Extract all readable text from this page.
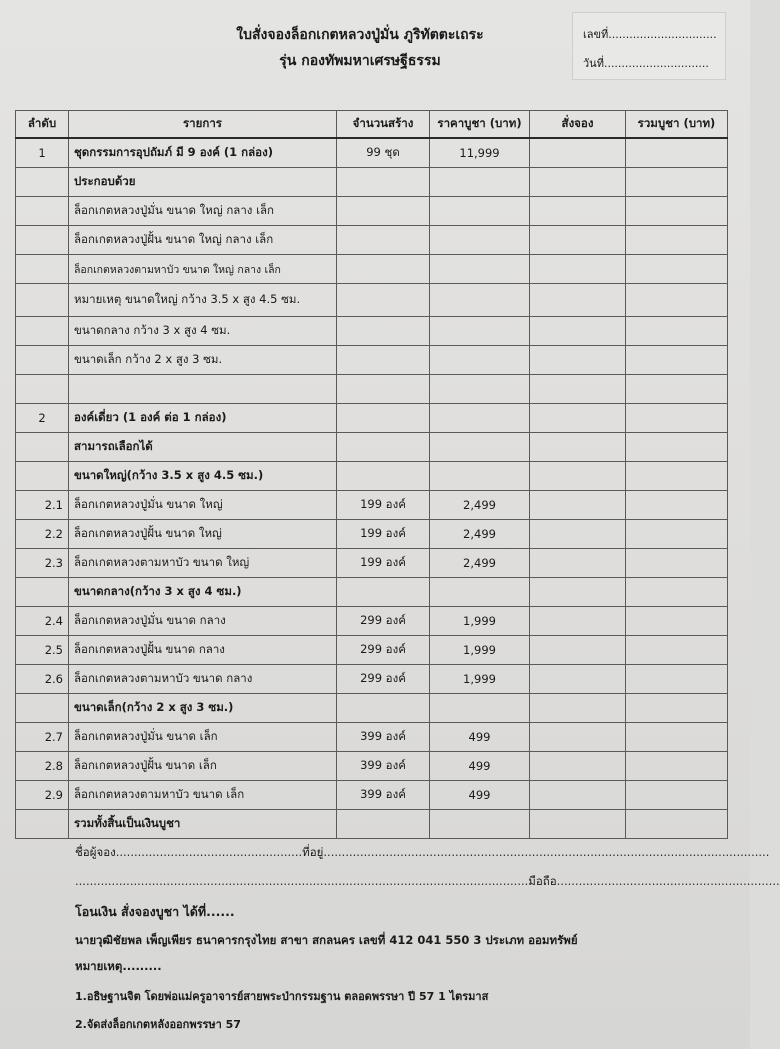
ใบสั่งจองล็อกเกตหลวงปู่มั่น ภูริทัตตะเถระ
รุ่น กองทัพมหาเศรษฐีธรรม
เลขที่...............................
วันที่..............................
ลำดับ	รายการ	จำนวนสร้าง	ราคาบูชา (บาท)	สั่งจอง	รวมบูชา (บาท)
1	ชุดกรรมการอุปถัมภ์ มี 9 องค์ (1 กล่อง)	99 ชุด	11,999		
	ประกอบด้วย				
	ล็อกเกตหลวงปู่มั่น ขนาด ใหญ่ กลาง เล็ก				
	ล็อกเกตหลวงปู่ฝั้น ขนาด ใหญ่ กลาง เล็ก				
	ล็อกเกตหลวงตามหาบัว ขนาด ใหญ่ กลาง เล็ก				
	หมายเหตุ ขนาดใหญ่ กว้าง 3.5 x สูง 4.5 ซม.				
	ขนาดกลาง กว้าง 3 x สูง 4 ซม.				
	ขนาดเล็ก กว้าง 2 x สูง 3 ซม.				

2	องค์เดี่ยว (1 องค์ ต่อ 1 กล่อง)				
	สามารถเลือกได้				
	ขนาดใหญ่(กว้าง 3.5 x สูง 4.5 ซม.)				
2.1	ล็อกเกตหลวงปู่มั่น ขนาด ใหญ่	199 องค์	2,499		
2.2	ล็อกเกตหลวงปู่ฝั้น ขนาด ใหญ่	199 องค์	2,499		
2.3	ล็อกเกตหลวงตามหาบัว ขนาด ใหญ่	199 องค์	2,499		
	ขนาดกลาง(กว้าง 3 x สูง 4 ซม.)				
2.4	ล็อกเกตหลวงปู่มั่น ขนาด กลาง	299 องค์	1,999		
2.5	ล็อกเกตหลวงปู่ฝั้น ขนาด กลาง	299 องค์	1,999		
2.6	ล็อกเกตหลวงตามหาบัว ขนาด กลาง	299 องค์	1,999		
	ขนาดเล็ก(กว้าง 2 x สูง 3 ซม.)				
2.7	ล็อกเกตหลวงปู่มั่น ขนาด เล็ก	399 องค์	499		
2.8	ล็อกเกตหลวงปู่ฝั้น ขนาด เล็ก	399 องค์	499		
2.9	ล็อกเกตหลวงตามหาบัว ขนาด เล็ก	399 องค์	499		
	รวมทั้งสิ้นเป็นเงินบูชา				
ชื่อผู้จอง...................................................ที่อยู่..........................................................................................................................
............................................................................................................................มือถือ.............................................................
โอนเงิน สั่งจองบูชา ได้ที่......
นายวุฒิชัยพล เพ็ญเพียร ธนาคารกรุงไทย สาขา สกลนคร เลขที่ 412 041 550 3 ประเภท ออมทรัพย์
หมายเหตุ.........
1.อธิษฐานจิต โดยพ่อแม่ครูอาจารย์สายพระป่ากรรมฐาน ตลอดพรรษา ปี 57 1 ไตรมาส
2.จัดส่งล็อกเกตหลังออกพรรษา 57
